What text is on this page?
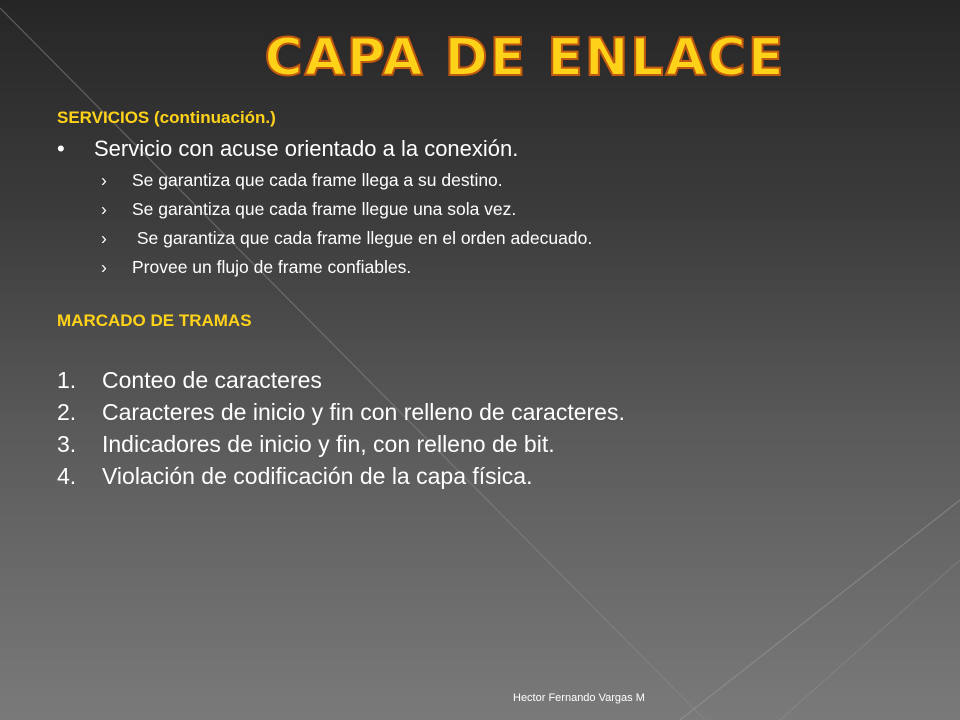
CAPA DE ENLACE

SERVICIOS (continuación.)

• Servicio con acuse orientado a la conexión.
› Se garantiza que cada frame llega a su destino.
› Se garantiza que cada frame llegue una sola vez.
› Se garantiza que cada frame llegue en el orden adecuado.
› Provee un flujo de frame confiables.

MARCADO DE TRAMAS

1. Conteo de caracteres
2. Caracteres de inicio y fin con relleno de caracteres.
3. Indicadores de inicio y fin, con relleno de bit.
4. Violación de codificación de la capa física.
Hector Fernando Vargas M
